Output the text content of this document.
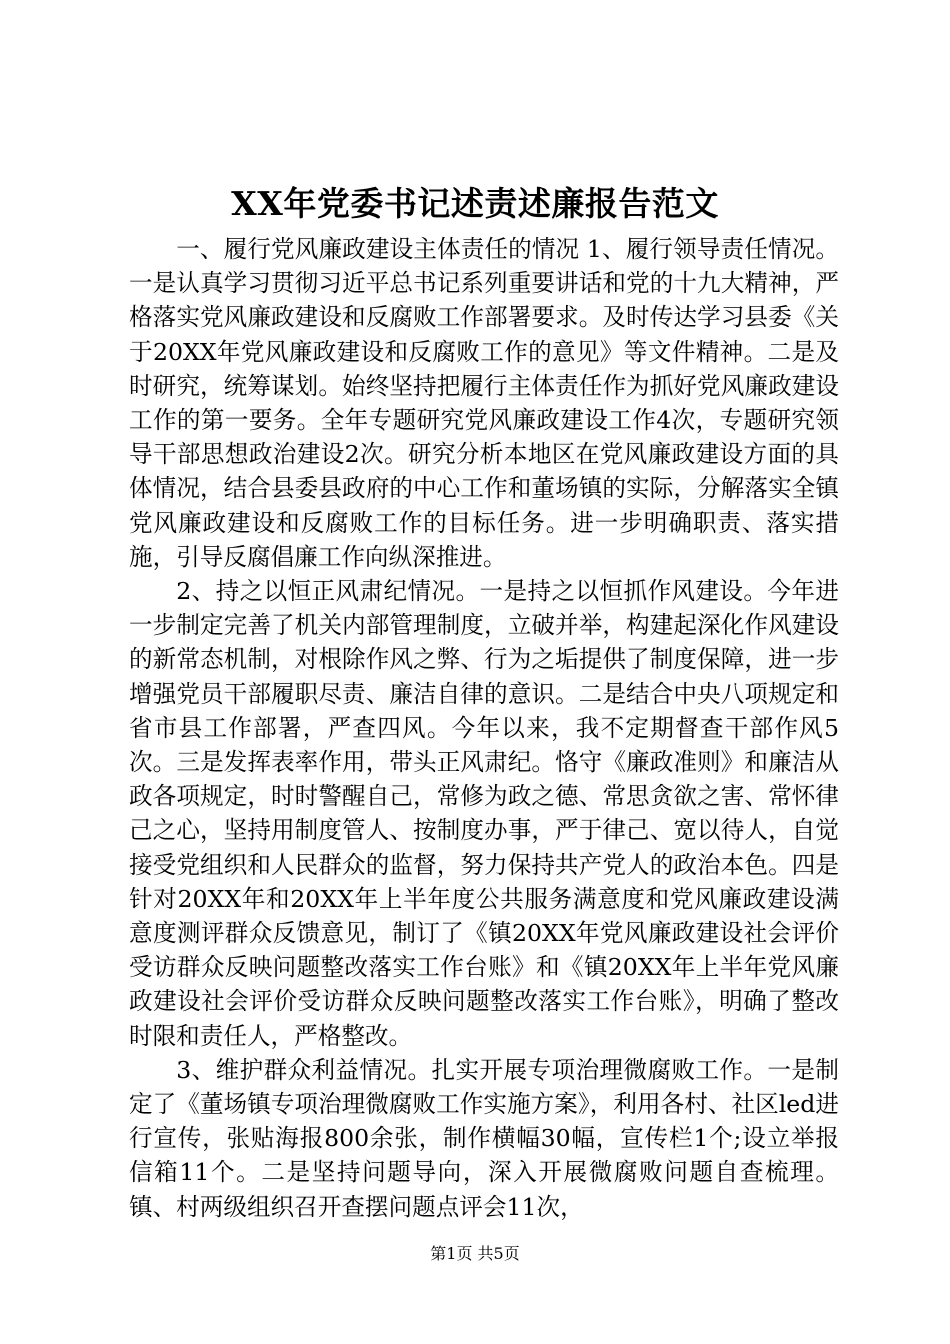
XX年党委书记述责述廉报告范文

一、履行党风廉政建设主体责任的情况 1、履行领导责任情况。一是认真学习贯彻习近平总书记系列重要讲话和党的十九大精神，严格落实党风廉政建设和反腐败工作部署要求。及时传达学习县委《关于20XX年党风廉政建设和反腐败工作的意见》等文件精神。二是及时研究，统筹谋划。始终坚持把履行主体责任作为抓好党风廉政建设工作的第一要务。全年专题研究党风廉政建设工作4次，专题研究领导干部思想政治建设2次。研究分析本地区在党风廉政建设方面的具体情况，结合县委县政府的中心工作和董场镇的实际，分解落实全镇党风廉政建设和反腐败工作的目标任务。进一步明确职责、落实措施，引导反腐倡廉工作向纵深推进。

2、持之以恒正风肃纪情况。一是持之以恒抓作风建设。今年进一步制定完善了机关内部管理制度，立破并举，构建起深化作风建设的新常态机制，对根除作风之弊、行为之垢提供了制度保障，进一步增强党员干部履职尽责、廉洁自律的意识。二是结合中央八项规定和省市县工作部署，严查四风。今年以来，我不定期督查干部作风5次。三是发挥表率作用，带头正风肃纪。恪守《廉政准则》和廉洁从政各项规定，时时警醒自己，常修为政之德、常思贪欲之害、常怀律己之心，坚持用制度管人、按制度办事，严于律己、宽以待人，自觉接受党组织和人民群众的监督，努力保持共产党人的政治本色。四是针对20XX年和20XX年上半年度公共服务满意度和党风廉政建设满意度测评群众反馈意见，制订了《镇20XX年党风廉政建设社会评价受访群众反映问题整改落实工作台账》和《镇20XX年上半年党风廉政建设社会评价受访群众反映问题整改落实工作台账》，明确了整改时限和责任人，严格整改。

3、维护群众利益情况。扎实开展专项治理微腐败工作。一是制定了《董场镇专项治理微腐败工作实施方案》，利用各村、社区led进行宣传，张贴海报800余张，制作横幅30幅，宣传栏1个;设立举报信箱11个。二是坚持问题导向，深入开展微腐败问题自查梳理。镇、村两级组织召开查摆问题点评会11次，

第1页 共5页
